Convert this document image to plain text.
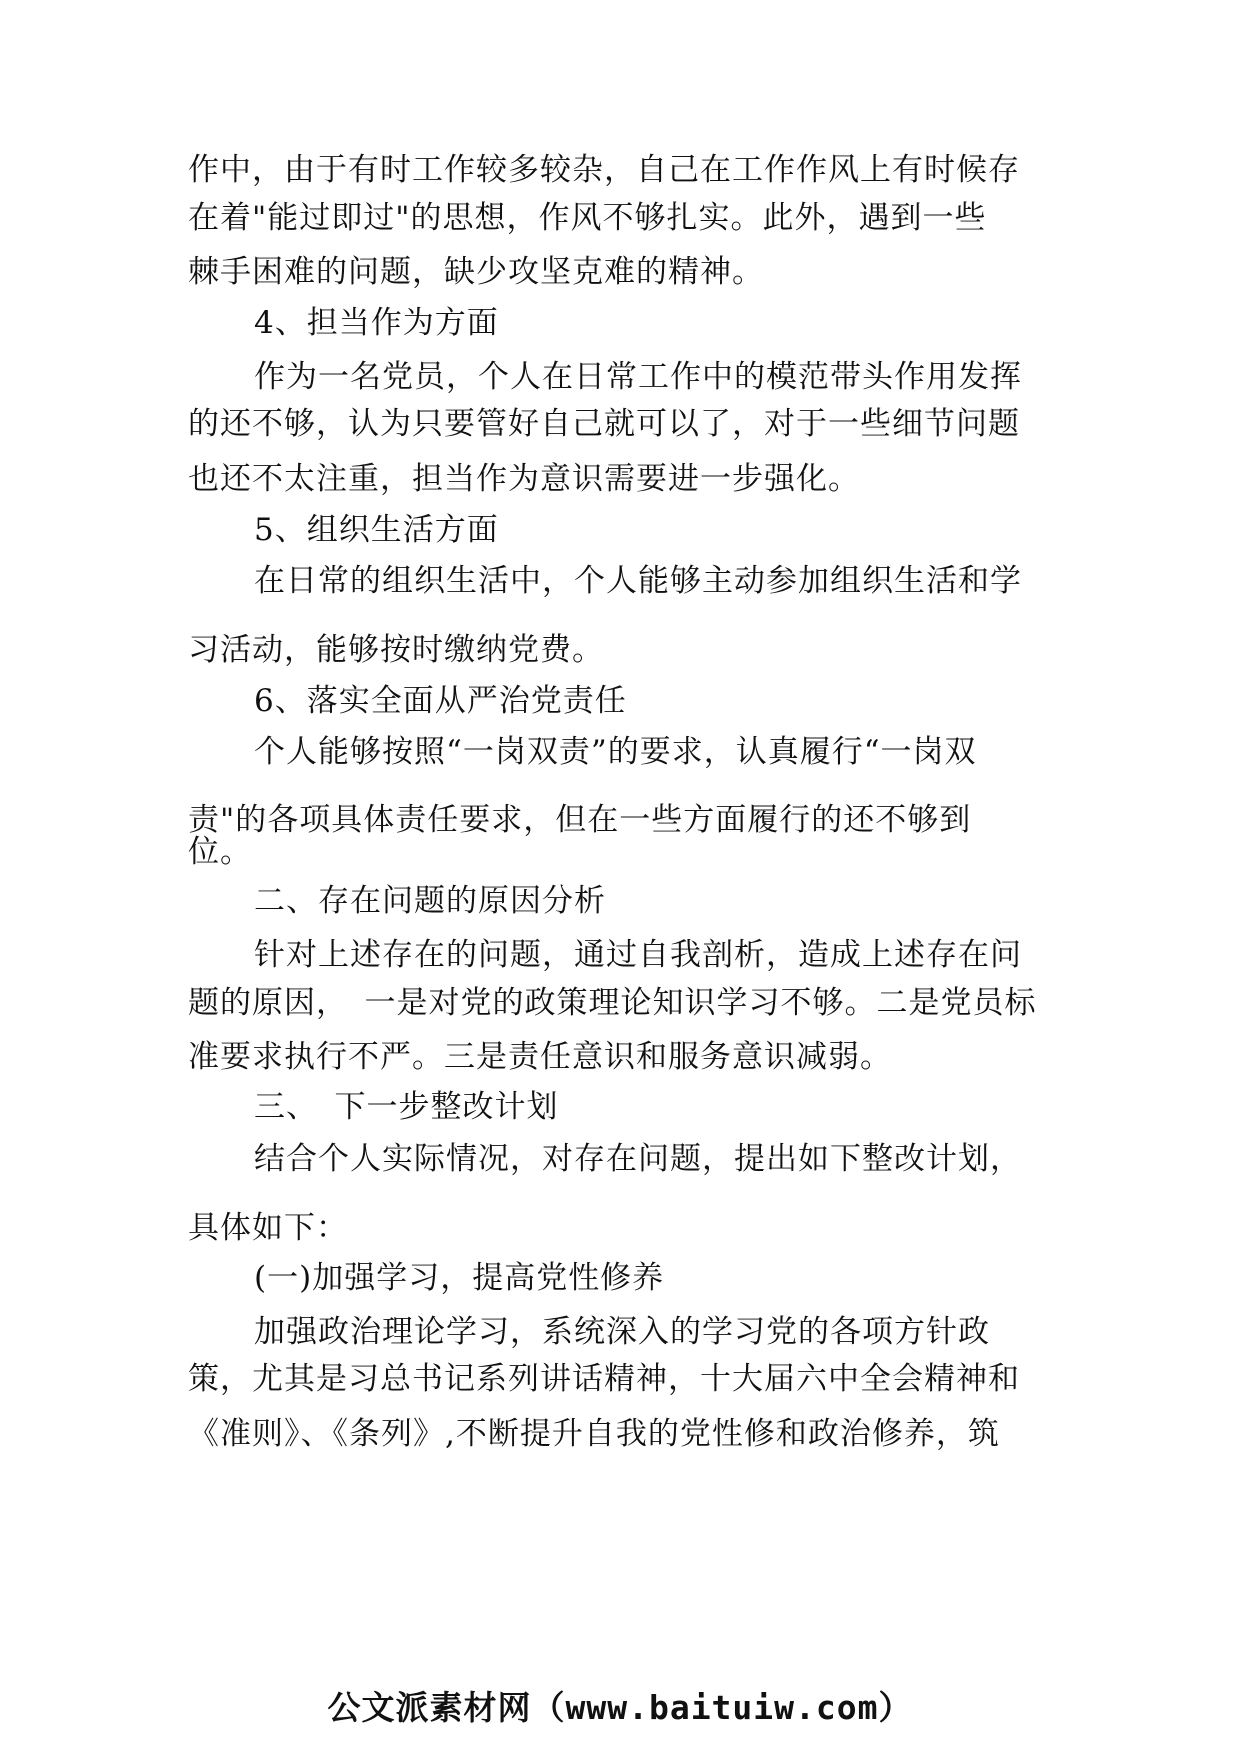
作中，由于有时工作较多较杂，自己在工作作风上有时候存
在着"能过即过"的思想，作风不够扎实。此外，遇到一些
棘手困难的问题，缺少攻坚克难的精神。
4、担当作为方面
作为一名党员，个人在日常工作中的模范带头作用发挥
的还不够，认为只要管好自己就可以了，对于一些细节问题
也还不太注重，担当作为意识需要进一步强化。
5、组织生活方面
在日常的组织生活中，个人能够主动参加组织生活和学
习活动，能够按时缴纳党费。
6、落实全面从严治党责任
个人能够按照“一岗双责”的要求，认真履行“一岗双
责"的各项具体责任要求，但在一些方面履行的还不够到
位。
二、存在问题的原因分析
针对上述存在的问题，通过自我剖析，造成上述存在问
题的原因，　一是对党的政策理论知识学习不够。二是党员标
准要求执行不严。三是责任意识和服务意识减弱。
三、　下一步整改计划
结合个人实际情况，对存在问题，提出如下整改计划，
具体如下：
(一)加强学习，提高党性修养
加强政治理论学习，系统深入的学习党的各项方针政
策，尤其是习总书记系列讲话精神，十大届六中全会精神和
《准则》、《条列》,不断提升自我的党性修和政治修养，筑
公文派素材网（www.baituiw.com）
